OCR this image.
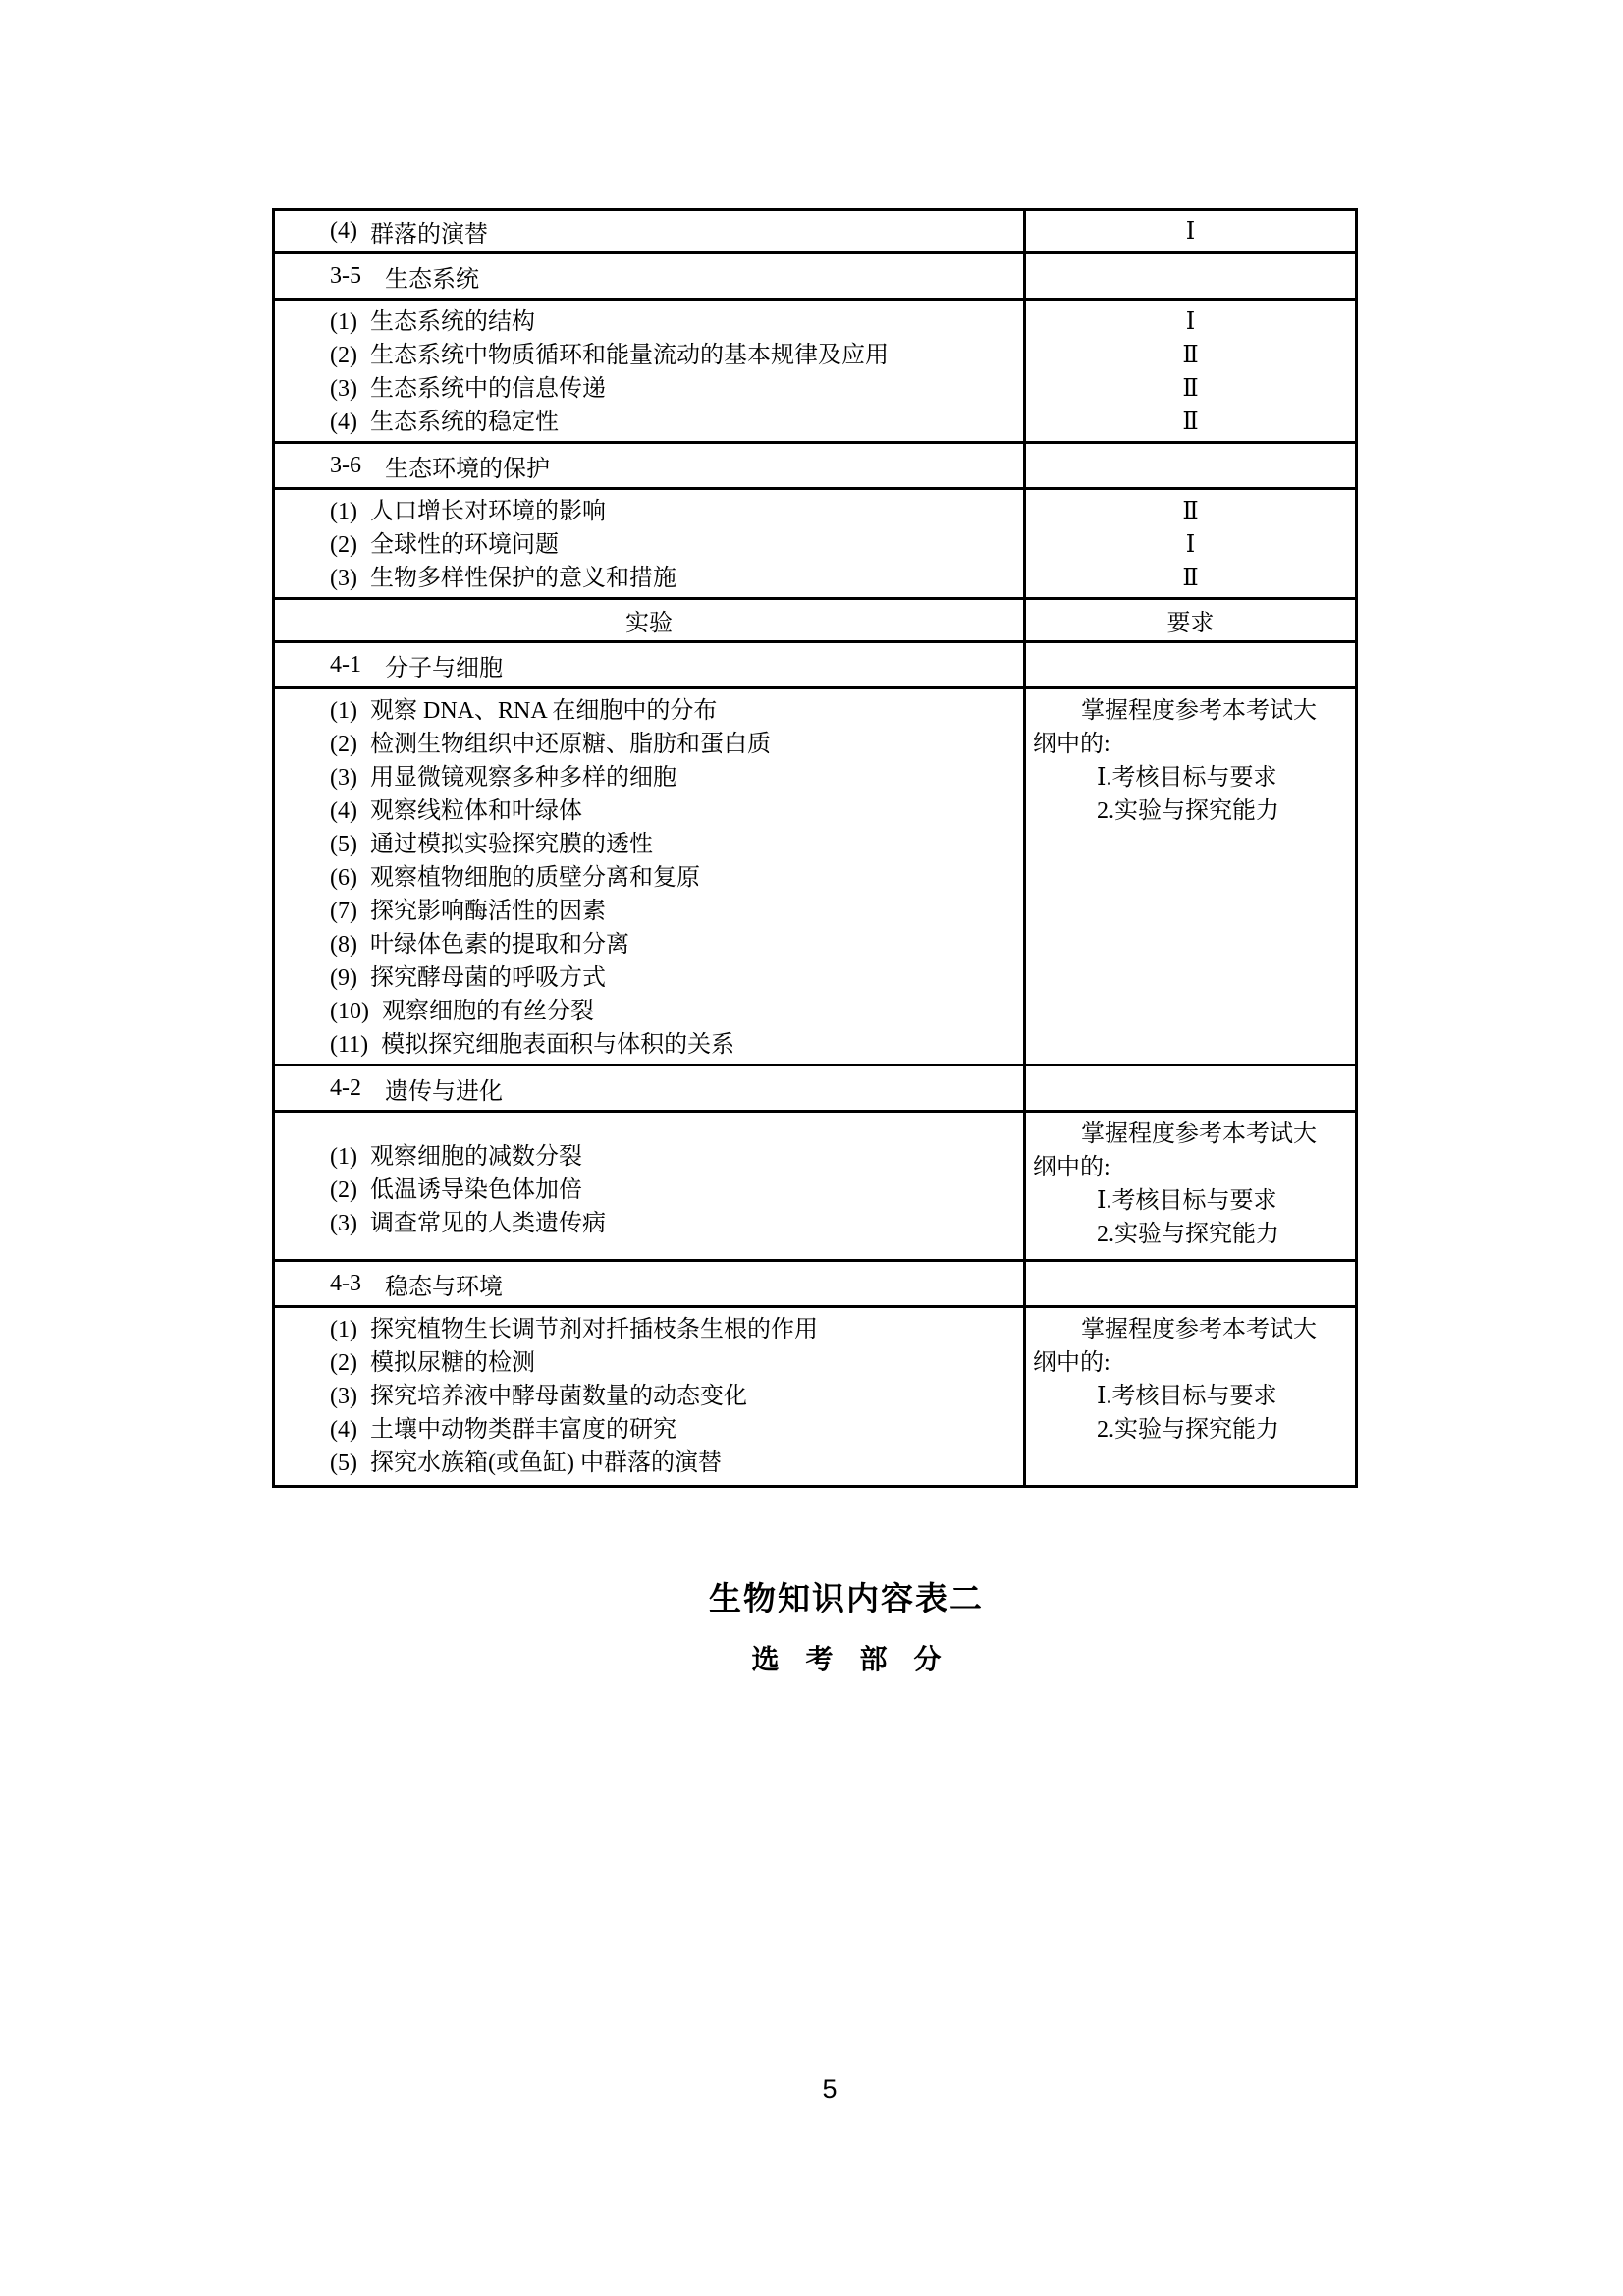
(4) 群落的演替	Ⅰ
3-5 生态系统
(1) 生态系统的结构
(2) 生态系统中物质循环和能量流动的基本规律及应用
(3) 生态系统中的信息传递
(4) 生态系统的稳定性
Ⅰ
Ⅱ
Ⅱ
Ⅱ
3-6 生态环境的保护
(1) 人口增长对环境的影响
(2) 全球性的环境问题
(3) 生物多样性保护的意义和措施
Ⅱ
Ⅰ
Ⅱ
实验	要求
4-1 分子与细胞
(1) 观察 DNA、RNA 在细胞中的分布
(2) 检测生物组织中还原糖、脂肪和蛋白质
(3) 用显微镜观察多种多样的细胞
(4) 观察线粒体和叶绿体
(5) 通过模拟实验探究膜的透性
(6) 观察植物细胞的质壁分离和复原
(7) 探究影响酶活性的因素
(8) 叶绿体色素的提取和分离
(9) 探究酵母菌的呼吸方式
(10) 观察细胞的有丝分裂
(11) 模拟探究细胞表面积与体积的关系
掌握程度参考本考试大
纲中的:
Ⅰ.考核目标与要求
2.实验与探究能力
4-2 遗传与进化
(1) 观察细胞的减数分裂
(2) 低温诱导染色体加倍
(3) 调查常见的人类遗传病
掌握程度参考本考试大
纲中的:
Ⅰ.考核目标与要求
2.实验与探究能力
4-3 稳态与环境
(1) 探究植物生长调节剂对扦插枝条生根的作用
(2) 模拟尿糖的检测
(3) 探究培养液中酵母菌数量的动态变化
(4) 土壤中动物类群丰富度的研究
(5) 探究水族箱(或鱼缸) 中群落的演替
掌握程度参考本考试大
纲中的:
Ⅰ.考核目标与要求
2.实验与探究能力
生物知识内容表二
选考部分
5
